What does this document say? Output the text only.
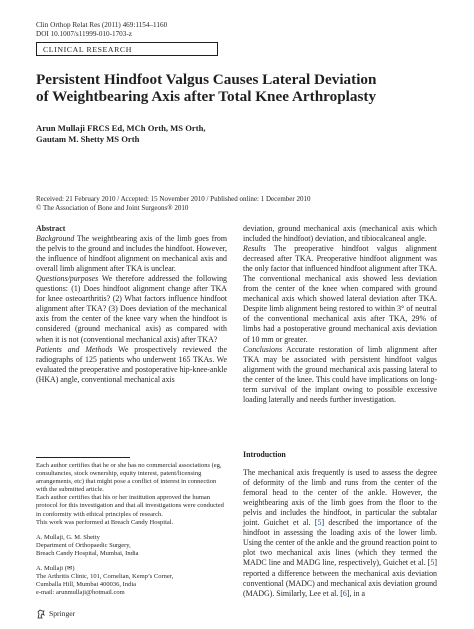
Clin Orthop Relat Res (2011) 469:1154–1160
DOI 10.1007/s11999-010-1703-z
CLINICAL RESEARCH
Persistent Hindfoot Valgus Causes Lateral Deviation
of Weightbearing Axis after Total Knee Arthroplasty
Arun Mullaji FRCS Ed, MCh Orth, MS Orth,
Gautam M. Shetty MS Orth
Received: 21 February 2010 / Accepted: 15 November 2010 / Published online: 1 December 2010
© The Association of Bone and Joint Surgeons® 2010

Abstract

Background The weightbearing axis of the limb goes from the pelvis to the ground and includes the hindfoot. However, the influence of hindfoot alignment on mechanical axis and overall limb alignment after TKA is unclear.

Questions/purposes We therefore addressed the following questions: (1) Does hindfoot alignment change after TKA for knee osteoarthritis? (2) What factors influence hindfoot alignment after TKA? (3) Does deviation of the mechanical axis from the center of the knee vary when the hindfoot is considered (ground mechanical axis) as compared with when it is not (conventional mechanical axis) after TKA?

Patients and Methods We prospectively reviewed the radiographs of 125 patients who underwent 165 TKAs. We evaluated the preoperative and postoperative hip-knee-ankle (HKA) angle, conventional mechanical axis

Each author certifies that he or she has no commercial associations (eg, consultancies, stock ownership, equity interest, patent/licensing arrangements, etc) that might pose a conflict of interest in connection with the submitted article.

Each author certifies that his or her institution approved the human protocol for this investigation and that all investigations were conducted in conformity with ethical principles of research.

This work was performed at Breach Candy Hospital.

A. Mullaji, G. M. Shetty

Department of Orthopaedic Surgery,

Breach Candy Hospital, Mumbai, India

A. Mullaji (✉)

The Arthritis Clinic, 101, Cornelian, Kemp’s Corner,

Cumballa Hill, Mumbai 400036, India

e-mail: arunmullaji@hotmail.com

deviation, ground mechanical axis (mechanical axis which included the hindfoot) deviation, and tibiocalcaneal angle.

Results The preoperative hindfoot valgus alignment decreased after TKA. Preoperative hindfoot alignment was the only factor that influenced hindfoot alignment after TKA. The conventional mechanical axis showed less deviation from the center of the knee when compared with ground mechanical axis which showed lateral deviation after TKA. Despite limb alignment being restored to within 3° of neutral of the conventional mechanical axis after TKA, 29% of limbs had a postoperative ground mechanical axis deviation of 10 mm or greater.

Conclusions Accurate restoration of limb alignment after TKA may be associated with persistent hindfoot valgus alignment with the ground mechanical axis passing lateral to the center of the knee. This could have implications on long-term survival of the implant owing to possible excessive loading laterally and needs further investigation.

Introduction

The mechanical axis frequently is used to assess the degree of deformity of the limb and runs from the center of the femoral head to the center of the ankle. However, the weightbearing axis of the limb goes from the floor to the pelvis and includes the hindfoot, in particular the subtalar joint. Guichet et al. [5] described the importance of the hindfoot in assessing the loading axis of the lower limb. Using the center of the ankle and the ground reaction point to plot two mechanical axis lines (which they termed the MADC line and MADG line, respectively), Guichet et al. [5] reported a difference between the mechanical axis deviation conventional (MADC) and mechanical axis deviation ground (MADG). Similarly, Lee et al. [6], in a

Springer
